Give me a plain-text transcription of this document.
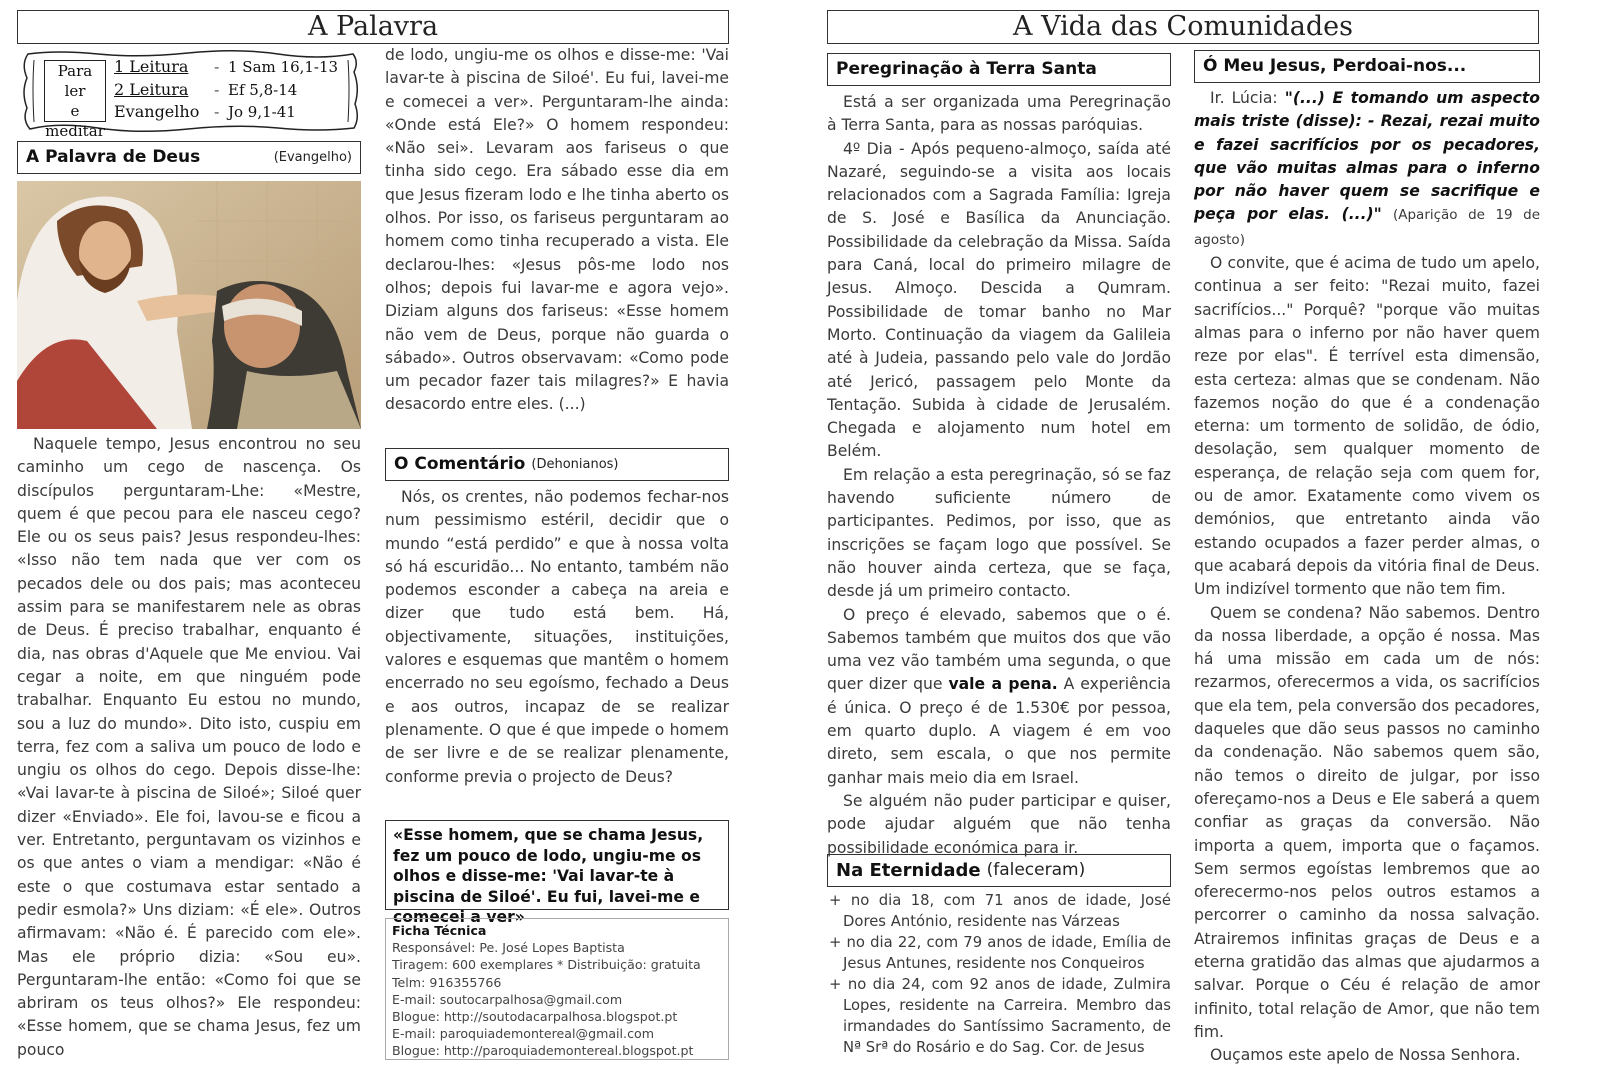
A Palavra	A Vida das Comunidades
Para ler
e
meditar
1 Leitura	- 1 Sam 16,1-13
2 Leitura	- Ef 5,8-14
Evangelho - Jo 9,1-41
A Palavra de Deus	(Evangelho)

Naquele tempo, Jesus encontrou no seu caminho um cego de nascença. Os discípulos perguntaram-Lhe: «Mestre, quem é que pecou para ele nasceu cego? Ele ou os seus pais? Jesus respondeu-lhes: «Isso não tem nada que ver com os pecados dele ou dos pais; mas aconteceu assim para se manifestarem nele as obras de Deus. É preciso trabalhar, enquanto é dia, nas obras d'Aquele que Me enviou. Vai cegar a noite, em que ninguém pode trabalhar. Enquanto Eu estou no mundo, sou a luz do mundo». Dito isto, cuspiu em terra, fez com a saliva um pouco de lodo e ungiu os olhos do cego. Depois disse-lhe: «Vai lavar-te à piscina de Siloé»; Siloé quer dizer «Enviado». Ele foi, lavou-se e ficou a ver. Entretanto, perguntavam os vizinhos e os que antes o viam a mendigar: «Não é este o que costumava estar sentado a pedir esmola?» Uns diziam: «É ele». Outros afirmavam: «Não é. É parecido com ele». Mas ele próprio dizia: «Sou eu». Perguntaram-lhe então: «Como foi que se abriram os teus olhos?» Ele respondeu: «Esse homem, que se chama Jesus, fez um pouco

de lodo, ungiu-me os olhos e disse-me: 'Vai lavar-te à piscina de Siloé'. Eu fui, lavei-me e comecei a ver». Perguntaram-lhe ainda: «Onde está Ele?» O homem respondeu: «Não sei». Levaram aos fariseus o que tinha sido cego. Era sábado esse dia em que Jesus fizeram lodo e lhe tinha aberto os olhos. Por isso, os fariseus perguntaram ao homem como tinha recuperado a vista. Ele declarou-lhes: «Jesus pôs-me lodo nos olhos; depois fui lavar-me e agora vejo». Diziam alguns dos fariseus: «Esse homem não vem de Deus, porque não guarda o sábado». Outros observavam: «Como pode um pecador fazer tais milagres?» E havia desacordo entre eles. (...)

O Comentário (Dehonianos)

Nós, os crentes, não podemos fechar-nos num pessimismo estéril, decidir que o mundo “está perdido” e que à nossa volta só há escuridão... No entanto, também não podemos esconder a cabeça na areia e dizer que tudo está bem. Há, objectivamente, situações, instituições, valores e esquemas que mantêm o homem encerrado no seu egoísmo, fechado a Deus e aos outros, incapaz de se realizar plenamente. O que é que impede o homem de ser livre e de se realizar plenamente, conforme previa o projecto de Deus?

«Esse homem, que se chama Jesus, fez um pouco de lodo, ungiu-me os olhos e disse-me: 'Vai lavar-te à piscina de Siloé'. Eu fui, lavei-me e comecei a ver»
Ficha Técnica
Responsável: Pe. José Lopes Baptista
Tiragem: 600 exemplares * Distribuição: gratuita
Telm: 916355766
E-mail: soutocarpalhosa@gmail.com
Blogue: http://soutodacarpalhosa.blogspot.pt
E-mail: paroquiademontereal@gmail.com
Blogue: http://paroquiademontereal.blogspot.pt
Peregrinação à Terra Santa

Está a ser organizada uma Peregrinação à Terra Santa, para as nossas paróquias.

4º Dia - Após pequeno-almoço, saída até Nazaré, seguindo-se a visita aos locais relacionados com a Sagrada Família: Igreja de S. José e Basílica da Anunciação. Possibilidade da celebração da Missa. Saída para Caná, local do primeiro milagre de Jesus. Almoço. Descida a Qumram. Possibilidade de tomar banho no Mar Morto. Continuação da viagem da Galileia até à Judeia, passando pelo vale do Jordão até Jericó, passagem pelo Monte da Tentação. Subida à cidade de Jerusalém. Chegada e alojamento num hotel em Belém.

Em relação a esta peregrinação, só se faz havendo suficiente número de participantes. Pedimos, por isso, que as inscrições se façam logo que possível. Se não houver ainda certeza, que se faça, desde já um primeiro contacto.

O preço é elevado, sabemos que o é. Sabemos também que muitos dos que vão uma vez vão também uma segunda, o que quer dizer que vale a pena. A experiência é única. O preço é de 1.530€ por pessoa, em quarto duplo. A viagem é em voo direto, sem escala, o que nos permite ganhar mais meio dia em Israel.

Se alguém não puder participar e quiser, pode ajudar alguém que não tenha possibilidade económica para ir.

Na Eternidade (faleceram)
+ no dia 18, com 71 anos de idade, José Dores António, residente nas Várzeas
+ no dia 22, com 79 anos de idade, Emília de Jesus Antunes, residente nos Conqueiros
+ no dia 24, com 92 anos de idade, Zulmira Lopes, residente na Carreira. Membro das irmandades do Santíssimo Sacramento, de Nª Srª do Rosário e do Sag. Cor. de Jesus
Ó Meu Jesus, Perdoai-nos...

Ir. Lúcia: "(...) E tomando um aspecto mais triste (disse): - Rezai, rezai muito e fazei sacrifícios por os pecadores, que vão muitas almas para o inferno por não haver quem se sacrifique e peça por elas. (...)" (Aparição de 19 de agosto)

O convite, que é acima de tudo um apelo, continua a ser feito: "Rezai muito, fazei sacrifícios..." Porquê? "porque vão muitas almas para o inferno por não haver quem reze por elas". É terrível esta dimensão, esta certeza: almas que se condenam. Não fazemos noção do que é a condenação eterna: um tormento de solidão, de ódio, desolação, sem qualquer momento de esperança, de relação seja com quem for, ou de amor. Exatamente como vivem os demónios, que entretanto ainda vão estando ocupados a fazer perder almas, o que acabará depois da vitória final de Deus. Um indizível tormento que não tem fim.

Quem se condena? Não sabemos. Dentro da nossa liberdade, a opção é nossa. Mas há uma missão em cada um de nós: rezarmos, oferecermos a vida, os sacrifícios que ela tem, pela conversão dos pecadores, daqueles que dão seus passos no caminho da condenação. Não sabemos quem são, não temos o direito de julgar, por isso ofereçamo-nos a Deus e Ele saberá a quem confiar as graças da conversão. Não importa a quem, importa que o façamos. Sem sermos egoístas lembremos que ao oferecermo-nos pelos outros estamos a percorrer o caminho da nossa salvação. Atrairemos infinitas graças de Deus e a eterna gratidão das almas que ajudarmos a salvar. Porque o Céu é relação de amor infinito, total relação de Amor, que não tem fim.

Ouçamos este apelo de Nossa Senhora.
